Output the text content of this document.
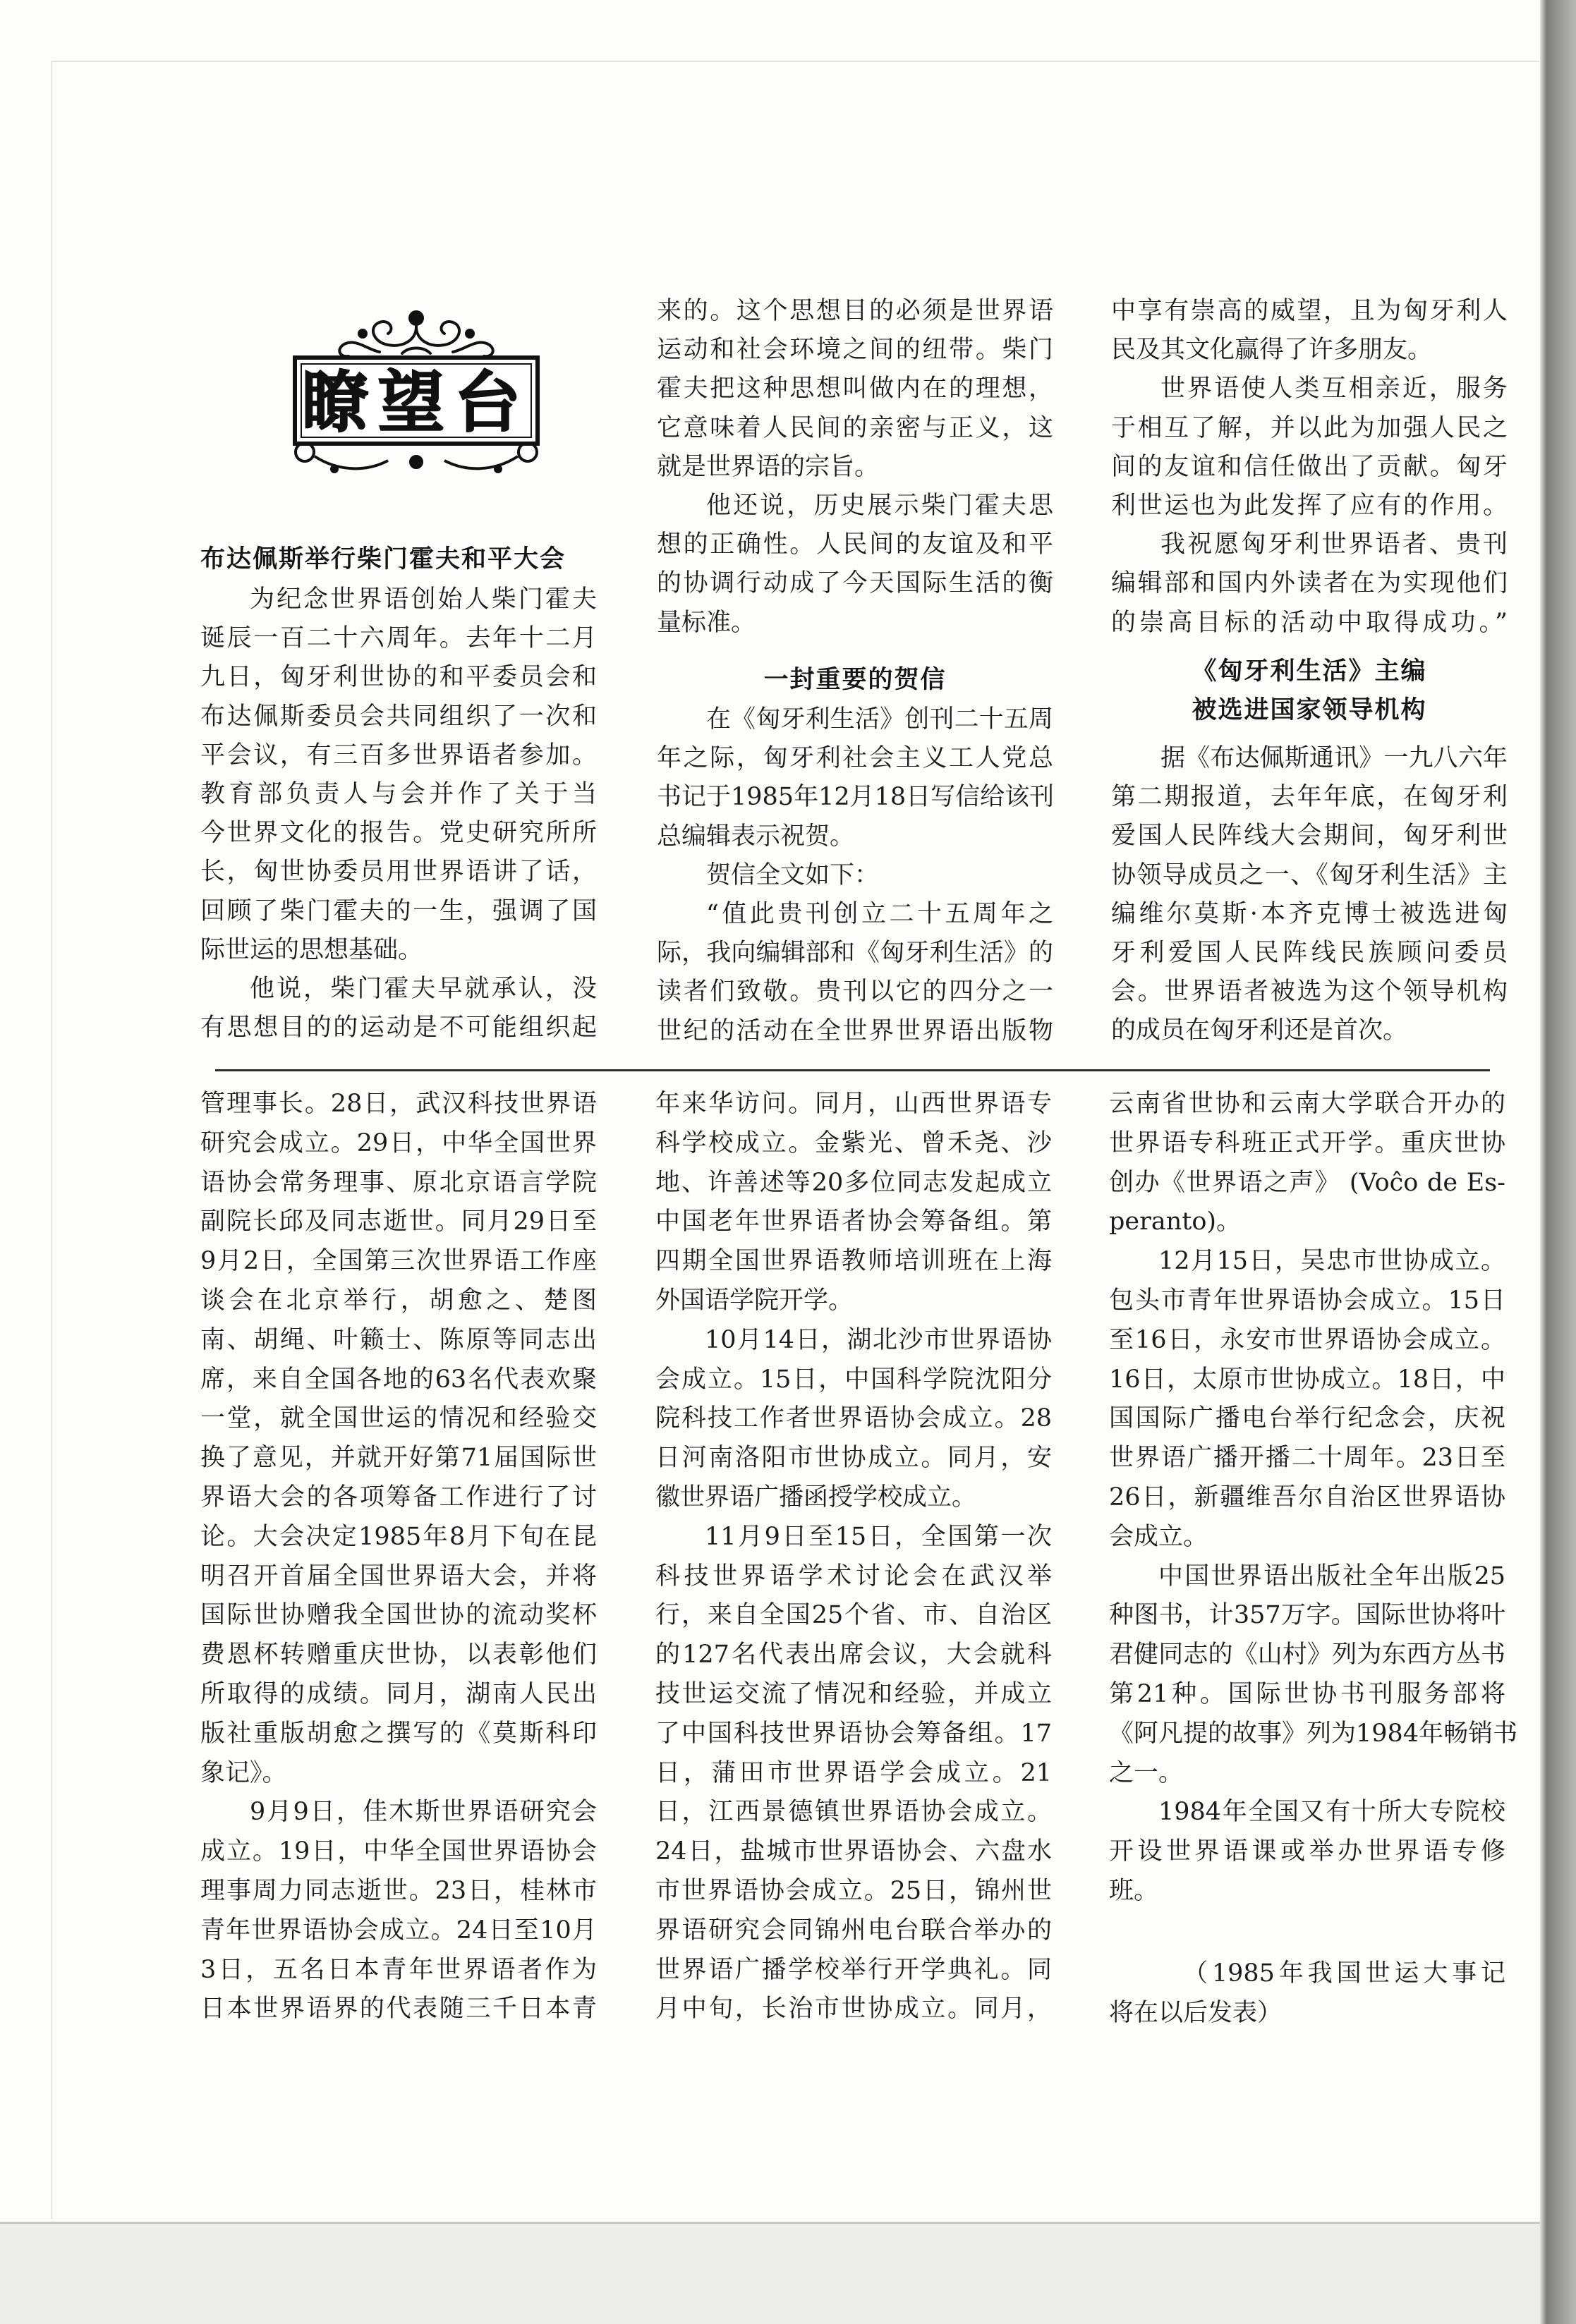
瞭望台
布达佩斯举行柴门霍夫和平大会
为纪念世界语创始人柴门霍夫
诞辰一百二十六周年。去年十二月
九日，匈牙利世协的和平委员会和
布达佩斯委员会共同组织了一次和
平会议，有三百多世界语者参加。
教育部负责人与会并作了关于当
今世界文化的报告。党史研究所所
长，匈世协委员用世界语讲了话，
回顾了柴门霍夫的一生，强调了国
际世运的思想基础。
他说，柴门霍夫早就承认，没
有思想目的的运动是不可能组织起
来的。这个思想目的必须是世界语
运动和社会环境之间的纽带。柴门
霍夫把这种思想叫做内在的理想，
它意味着人民间的亲密与正义，这
就是世界语的宗旨。
他还说，历史展示柴门霍夫思
想的正确性。人民间的友谊及和平
的协调行动成了今天国际生活的衡
量标准。
一封重要的贺信
在《匈牙利生活》创刊二十五周
年之际，匈牙利社会主义工人党总
书记于1985年12月18日写信给该刊
总编辑表示祝贺。
贺信全文如下：
“值此贵刊创立二十五周年之
际，我向编辑部和《匈牙利生活》的
读者们致敬。贵刊以它的四分之一
世纪的活动在全世界世界语出版物
中享有崇高的威望，且为匈牙利人
民及其文化赢得了许多朋友。
世界语使人类互相亲近，服务
于相互了解，并以此为加强人民之
间的友谊和信任做出了贡献。匈牙
利世运也为此发挥了应有的作用。
我祝愿匈牙利世界语者、贵刊
编辑部和国内外读者在为实现他们
的崇高目标的活动中取得成功。”
《匈牙利生活》主编
被选进国家领导机构
据《布达佩斯通讯》一九八六年
第二期报道，去年年底，在匈牙利
爱国人民阵线大会期间，匈牙利世
协领导成员之一、《匈牙利生活》主
编维尔莫斯·本齐克博士被选进匈
牙利爱国人民阵线民族顾问委员
会。世界语者被选为这个领导机构
的成员在匈牙利还是首次。
管理事长。28日，武汉科技世界语
研究会成立。29日，中华全国世界
语协会常务理事、原北京语言学院
副院长邱及同志逝世。同月29日至
9月2日，全国第三次世界语工作座
谈会在北京举行，胡愈之、楚图
南、胡绳、叶籁士、陈原等同志出
席，来自全国各地的63名代表欢聚
一堂，就全国世运的情况和经验交
换了意见，并就开好第71届国际世
界语大会的各项筹备工作进行了讨
论。大会决定1985年8月下旬在昆
明召开首届全国世界语大会，并将
国际世协赠我全国世协的流动奖杯
费恩杯转赠重庆世协，以表彰他们
所取得的成绩。同月，湖南人民出
版社重版胡愈之撰写的《莫斯科印
象记》。
9月9日，佳木斯世界语研究会
成立。19日，中华全国世界语协会
理事周力同志逝世。23日，桂林市
青年世界语协会成立。24日至10月
3日，五名日本青年世界语者作为
日本世界语界的代表随三千日本青
年来华访问。同月，山西世界语专
科学校成立。金紫光、曾禾尧、沙
地、许善述等20多位同志发起成立
中国老年世界语者协会筹备组。第
四期全国世界语教师培训班在上海
外国语学院开学。
10月14日，湖北沙市世界语协
会成立。15日，中国科学院沈阳分
院科技工作者世界语协会成立。28
日河南洛阳市世协成立。同月，安
徽世界语广播函授学校成立。
11月9日至15日，全国第一次
科技世界语学术讨论会在武汉举
行，来自全国25个省、市、自治区
的127名代表出席会议，大会就科
技世运交流了情况和经验，并成立
了中国科技世界语协会筹备组。17
日，蒲田市世界语学会成立。21
日，江西景德镇世界语协会成立。
24日，盐城市世界语协会、六盘水
市世界语协会成立。25日，锦州世
界语研究会同锦州电台联合举办的
世界语广播学校举行开学典礼。同
月中旬，长治市世协成立。同月，
云南省世协和云南大学联合开办的
世界语专科班正式开学。重庆世协
创办《世界语之声》 (Voĉo de Es-
peranto)。
12月15日，吴忠市世协成立。
包头市青年世界语协会成立。15日
至16日，永安市世界语协会成立。
16日，太原市世协成立。18日，中
国国际广播电台举行纪念会，庆祝
世界语广播开播二十周年。23日至
26日，新疆维吾尔自治区世界语协
会成立。
中国世界语出版社全年出版25
种图书，计357万字。国际世协将叶
君健同志的《山村》列为东西方丛书
第21种。国际世协书刊服务部将
《阿凡提的故事》列为1984年畅销书
之一。
1984年全国又有十所大专院校
开设世界语课或举办世界语专修
班。
（1985年我国世运大事记
将在以后发表）
